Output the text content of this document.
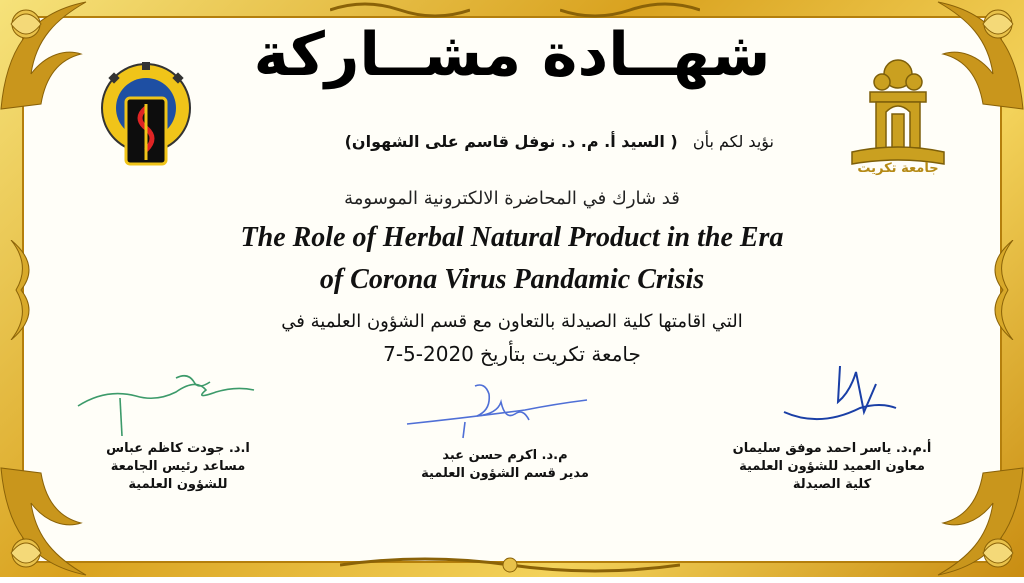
شهــادة مشــاركة
جامعة تكريت
نؤيد لكم بأن ( السيد أ. م. د. نوفل قاسم على الشهوان)
قد شارك في المحاضرة الالكترونية الموسومة
The Role of Herbal Natural Product in the Era
of Corona Virus Pandamic Crisis
التي اقامتها كلية الصيدلة بالتعاون مع قسم الشؤون العلمية في
7-5-2020 جامعة تكريت بتأريخ
ا.د. جودت كاظم عباس
مساعد رئيس الجامعة
للشؤون العلمية
م.د. اكرم حسن عبد
مدير قسم الشؤون العلمية
أ.م.د. ياسر احمد موفق سليمان
معاون العميد للشؤون العلمية
كلية الصيدلة
